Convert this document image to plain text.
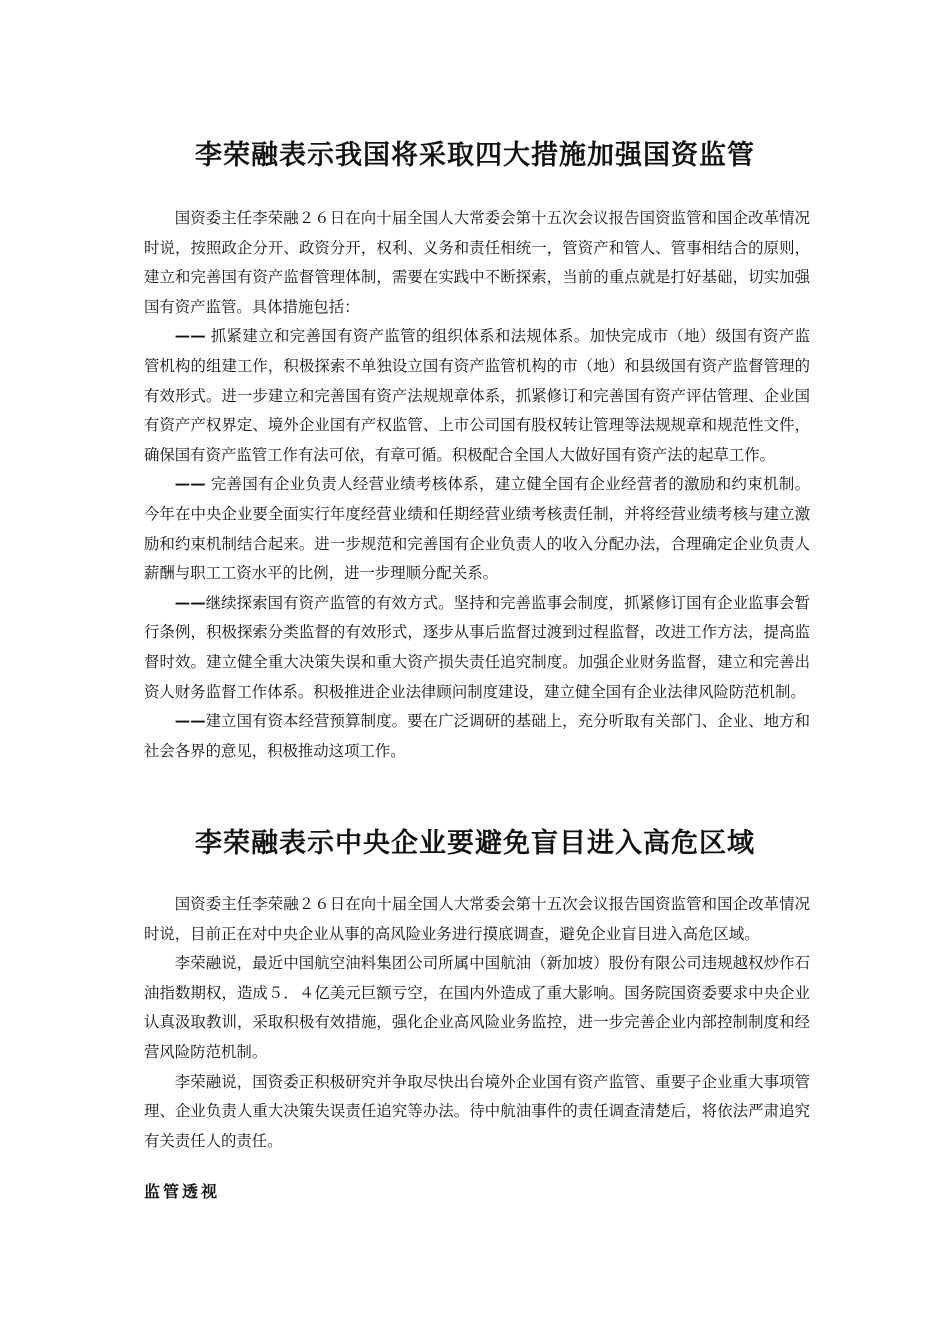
李荣融表示我国将采取四大措施加强国资监管

国资委主任李荣融２６日在向十届全国人大常委会第十五次会议报告国资监管和国企改革情况时说，按照政企分开、政资分开，权利、义务和责任相统一，管资产和管人、管事相结合的原则，建立和完善国有资产监督管理体制，需要在实践中不断探索，当前的重点就是打好基础，切实加强国有资产监管。具体措施包括：

—— 抓紧建立和完善国有资产监管的组织体系和法规体系。加快完成市（地）级国有资产监管机构的组建工作，积极探索不单独设立国有资产监管机构的市（地）和县级国有资产监督管理的有效形式。进一步建立和完善国有资产法规规章体系，抓紧修订和完善国有资产评估管理、企业国有资产产权界定、境外企业国有产权监管、上市公司国有股权转让管理等法规规章和规范性文件，确保国有资产监管工作有法可依，有章可循。积极配合全国人大做好国有资产法的起草工作。

—— 完善国有企业负责人经营业绩考核体系，建立健全国有企业经营者的激励和约束机制。今年在中央企业要全面实行年度经营业绩和任期经营业绩考核责任制，并将经营业绩考核与建立激励和约束机制结合起来。进一步规范和完善国有企业负责人的收入分配办法，合理确定企业负责人薪酬与职工工资水平的比例，进一步理顺分配关系。

——继续探索国有资产监管的有效方式。坚持和完善监事会制度，抓紧修订国有企业监事会暂行条例，积极探索分类监督的有效形式，逐步从事后监督过渡到过程监督，改进工作方法，提高监督时效。建立健全重大决策失误和重大资产损失责任追究制度。加强企业财务监督，建立和完善出资人财务监督工作体系。积极推进企业法律顾问制度建设，建立健全国有企业法律风险防范机制。

——建立国有资本经营预算制度。要在广泛调研的基础上，充分听取有关部门、企业、地方和社会各界的意见，积极推动这项工作。

李荣融表示中央企业要避免盲目进入高危区域

国资委主任李荣融２６日在向十届全国人大常委会第十五次会议报告国资监管和国企改革情况时说，目前正在对中央企业从事的高风险业务进行摸底调查，避免企业盲目进入高危区域。

李荣融说，最近中国航空油料集团公司所属中国航油（新加坡）股份有限公司违规越权炒作石油指数期权，造成５．４亿美元巨额亏空，在国内外造成了重大影响。国务院国资委要求中央企业认真汲取教训，采取积极有效措施，强化企业高风险业务监控，进一步完善企业内部控制制度和经营风险防范机制。

李荣融说，国资委正积极研究并争取尽快出台境外企业国有资产监管、重要子企业重大事项管理、企业负责人重大决策失误责任追究等办法。待中航油事件的责任调查清楚后，将依法严肃追究有关责任人的责任。

监管透视
